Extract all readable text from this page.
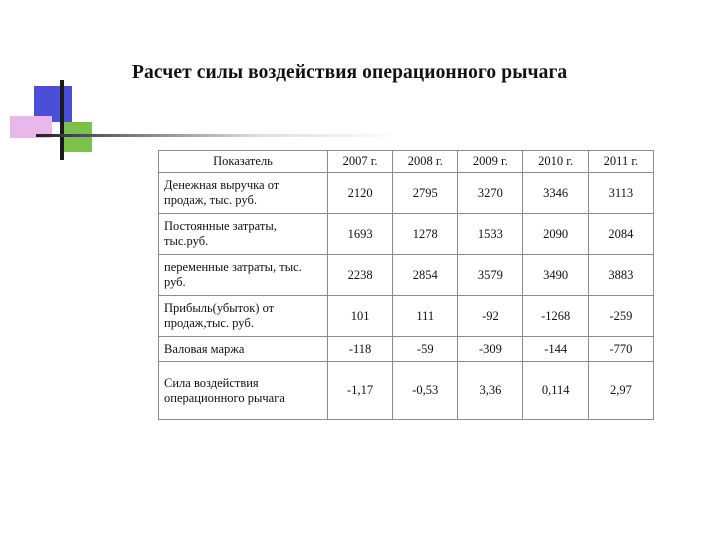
Расчет силы воздействия операционного рычага
Показатель	2007 г.	2008 г.	2009 г.	2010 г.	2011 г.
Денежная выручка от продаж, тыс. руб.	2120	2795	3270	3346	3113
Постоянные затраты, тыс.руб.	1693	1278	1533	2090	2084
переменные затраты, тыс. руб.	2238	2854	3579	3490	3883
Прибыль(убыток) от продаж,тыс. руб.	101	111	-92	-1268	-259
Валовая маржа	-118	-59	-309	-144	-770
Сила воздействия операционного рычага	-1,17	-0,53	3,36	0,114	2,97
